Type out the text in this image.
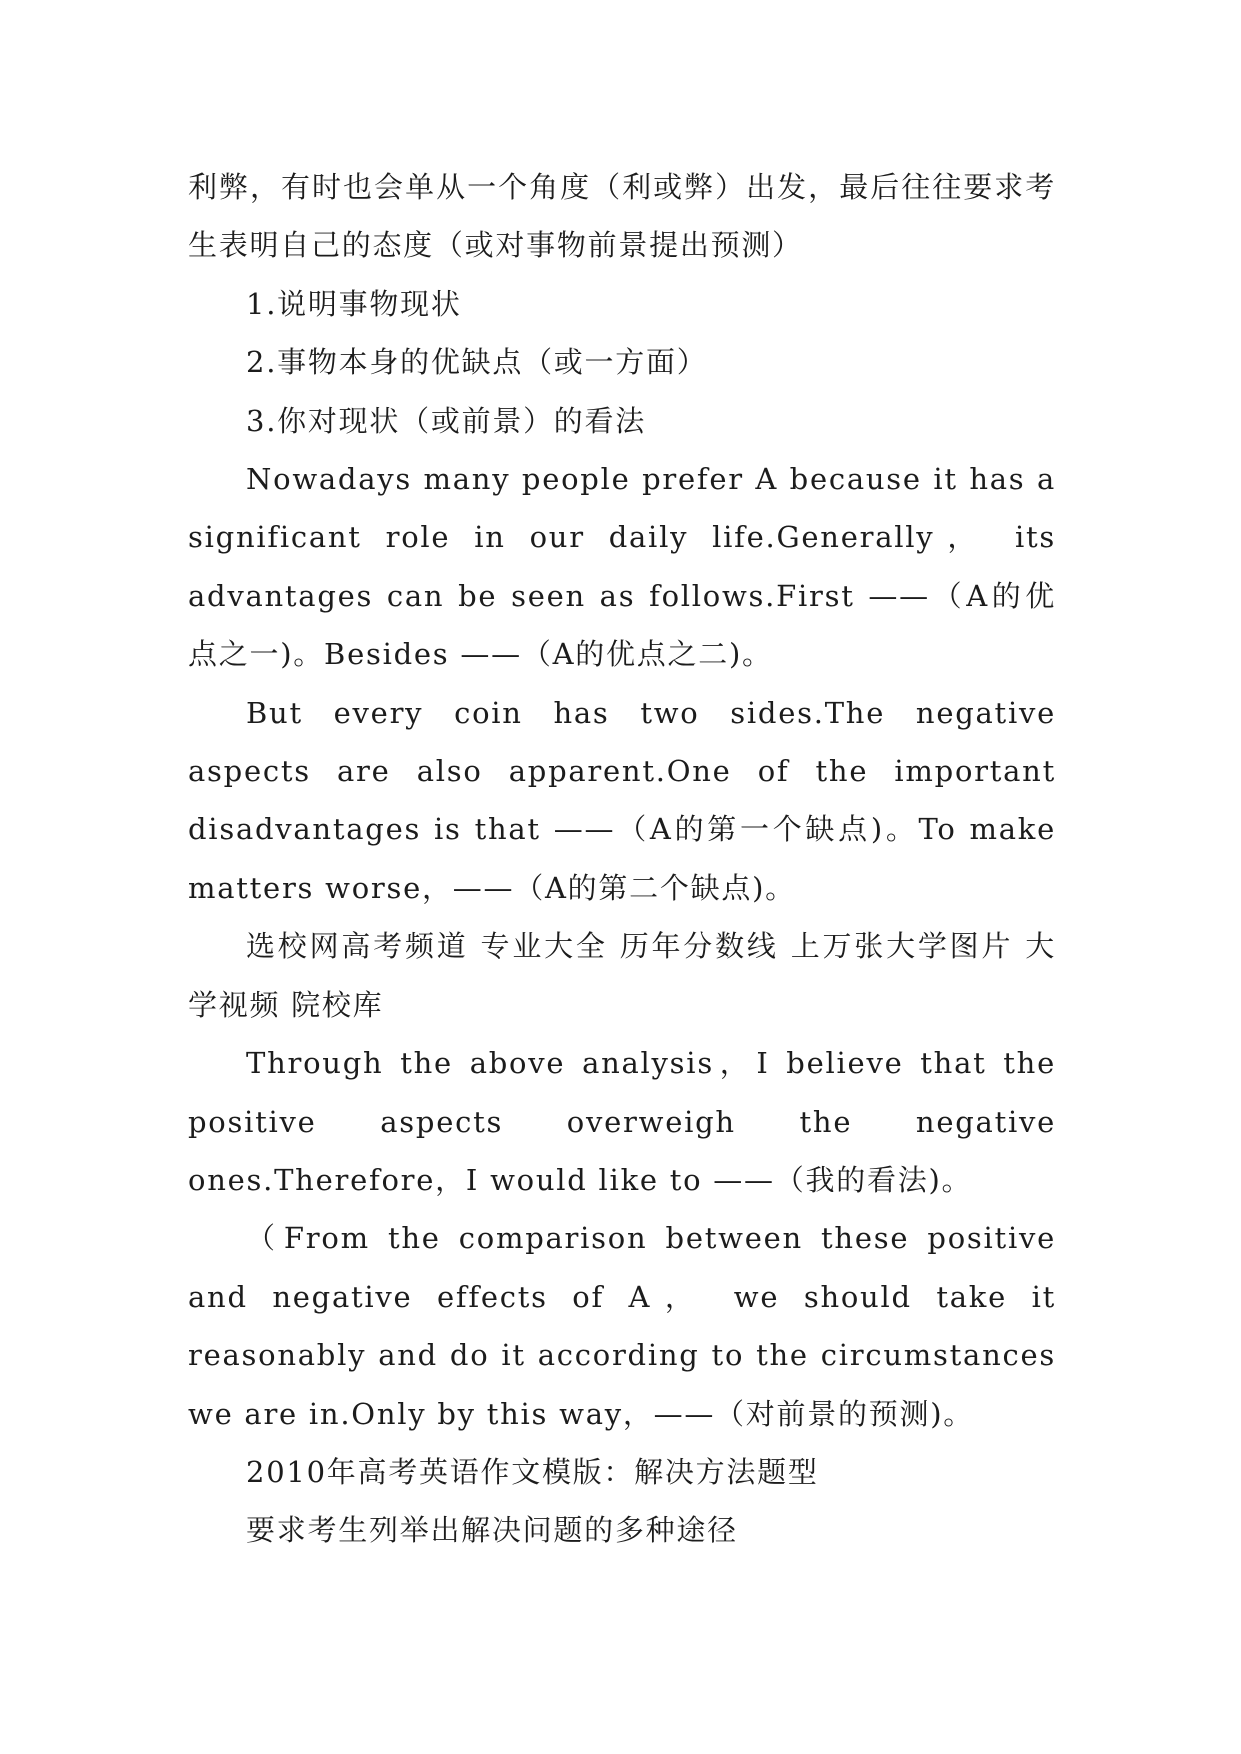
利弊，有时也会单从一个角度（利或弊）出发，最后往往要求考生表明自己的态度（或对事物前景提出预测）

1.说明事物现状

2.事物本身的优缺点（或一方面）

3.你对现状（或前景）的看法

Nowadays many people prefer A because it has a significant role in our daily life.Generally， its advantages can be seen as follows.First ——（A的优点之一)。Besides ——（A的优点之二)。

But every coin has two sides.The negative aspects are also apparent.One of the important disadvantages is that ——（A的第一个缺点)。To make matters worse，——（A的第二个缺点)。

选校网高考频道 专业大全 历年分数线 上万张大学图片 大学视频 院校库

Through the above analysis，I believe that the positive aspects overweigh the negative ones.Therefore，I would like to ——（我的看法)。

（From the comparison between these positive and negative effects of A， we should take it reasonably and do it according to the circumstances we are in.Only by this way，——（对前景的预测)。

2010年高考英语作文模版：解决方法题型

要求考生列举出解决问题的多种途径
